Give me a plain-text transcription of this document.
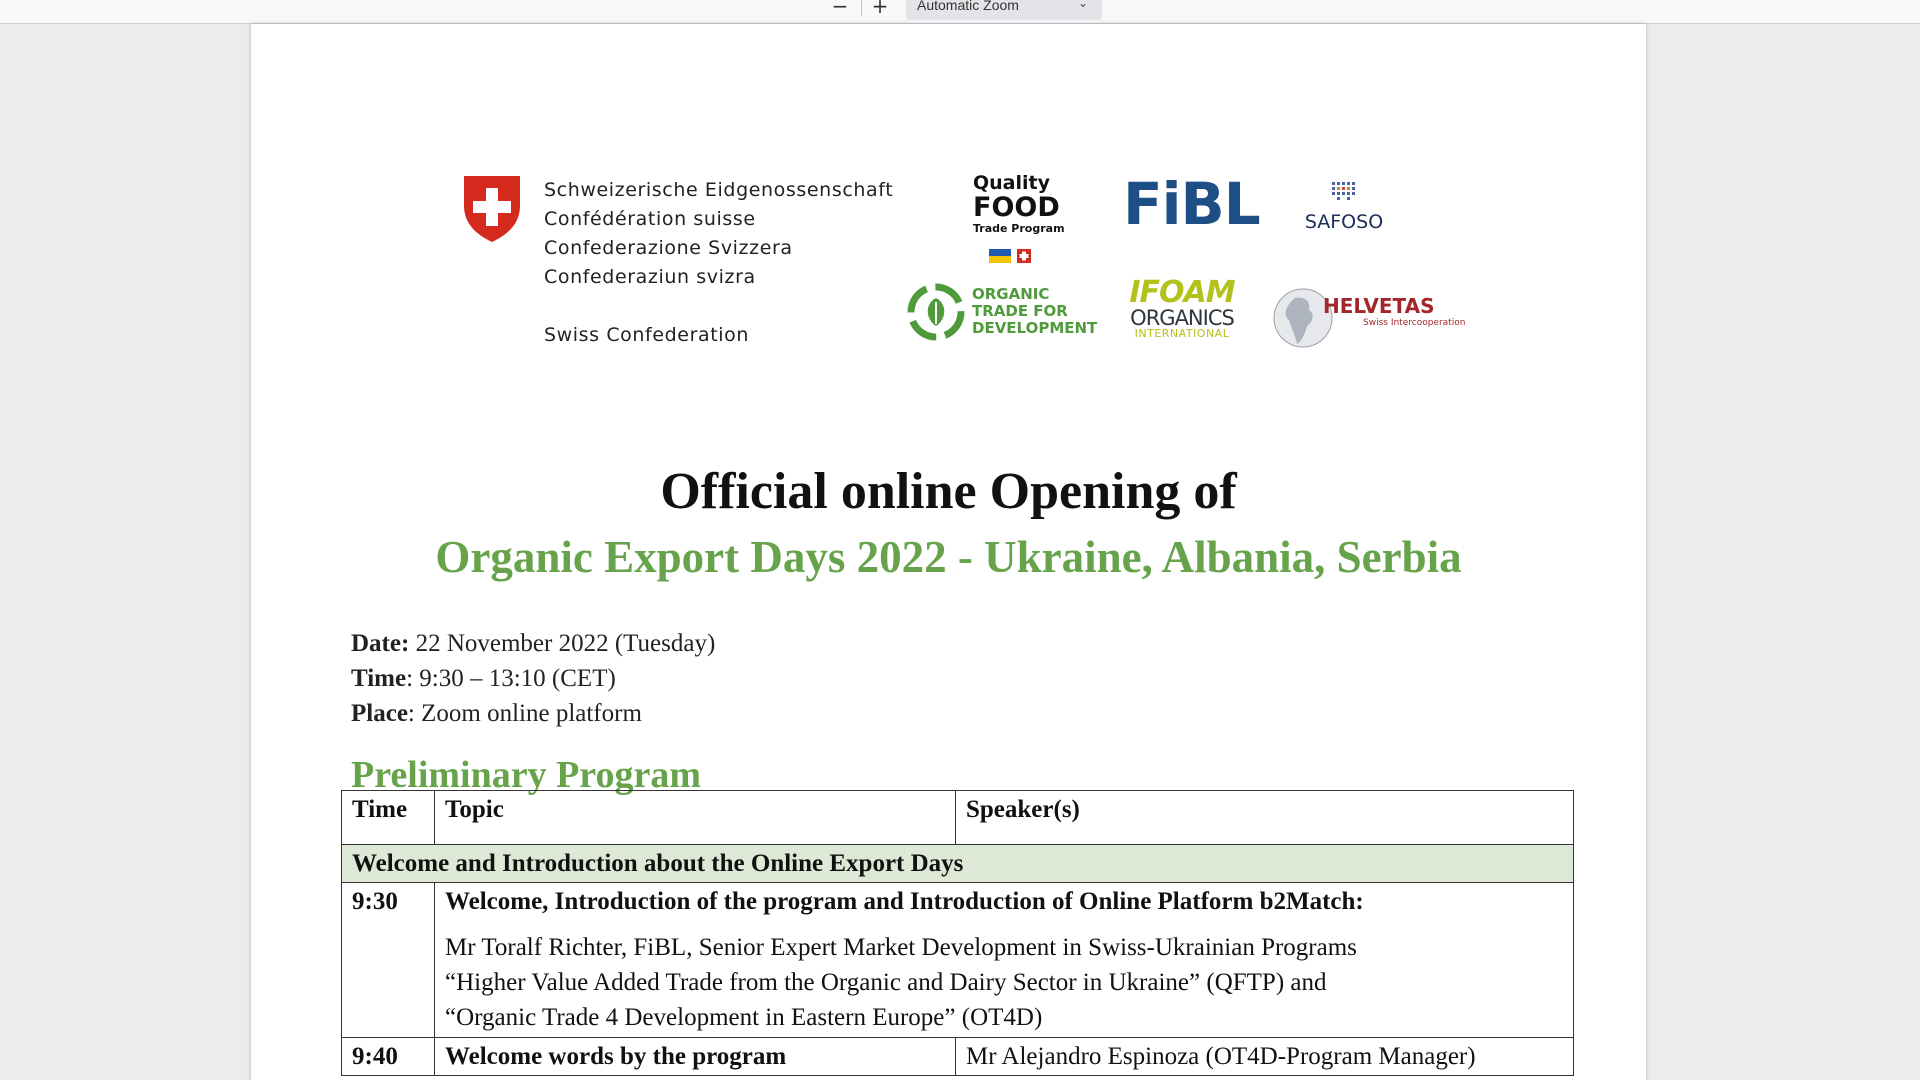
−	+	Automatic Zoom	⌄
Schweizerische Eidgenossenschaft
Confédération suisse
Confederazione Svizzera
Confederaziun svizra
Swiss Confederation
Quality
FOOD
Trade Program FiBL	SAFOSO
ORGANIC
TRADE FOR
DEVELOPMENT
IFOAM
ORGANICS
INTERNATIONAL
HELVETAS
Swiss Intercooperation
Official online Opening of
Organic Export Days 2022 - Ukraine, Albania, Serbia
Date: 22 November 2022 (Tuesday)
Time: 9:30 – 13:10 (CET)
Place: Zoom online platform
Preliminary Program
Time	Topic	Speaker(s)
Welcome and Introduction about the Online Export Days		
9:30	Welcome, Introduction of the program and Introduction of Online Platform b2Match:
Mr Toralf Richter, FiBL, Senior Expert Market Development in Swiss-Ukrainian Programs
“Higher Value Added Trade from the Organic and Dairy Sector in Ukraine” (QFTP) and
“Organic Trade 4 Development in Eastern Europe” (OT4D)	

9:40	Welcome words by the program	Mr Alejandro Espinoza (OT4D-Program Manager)
